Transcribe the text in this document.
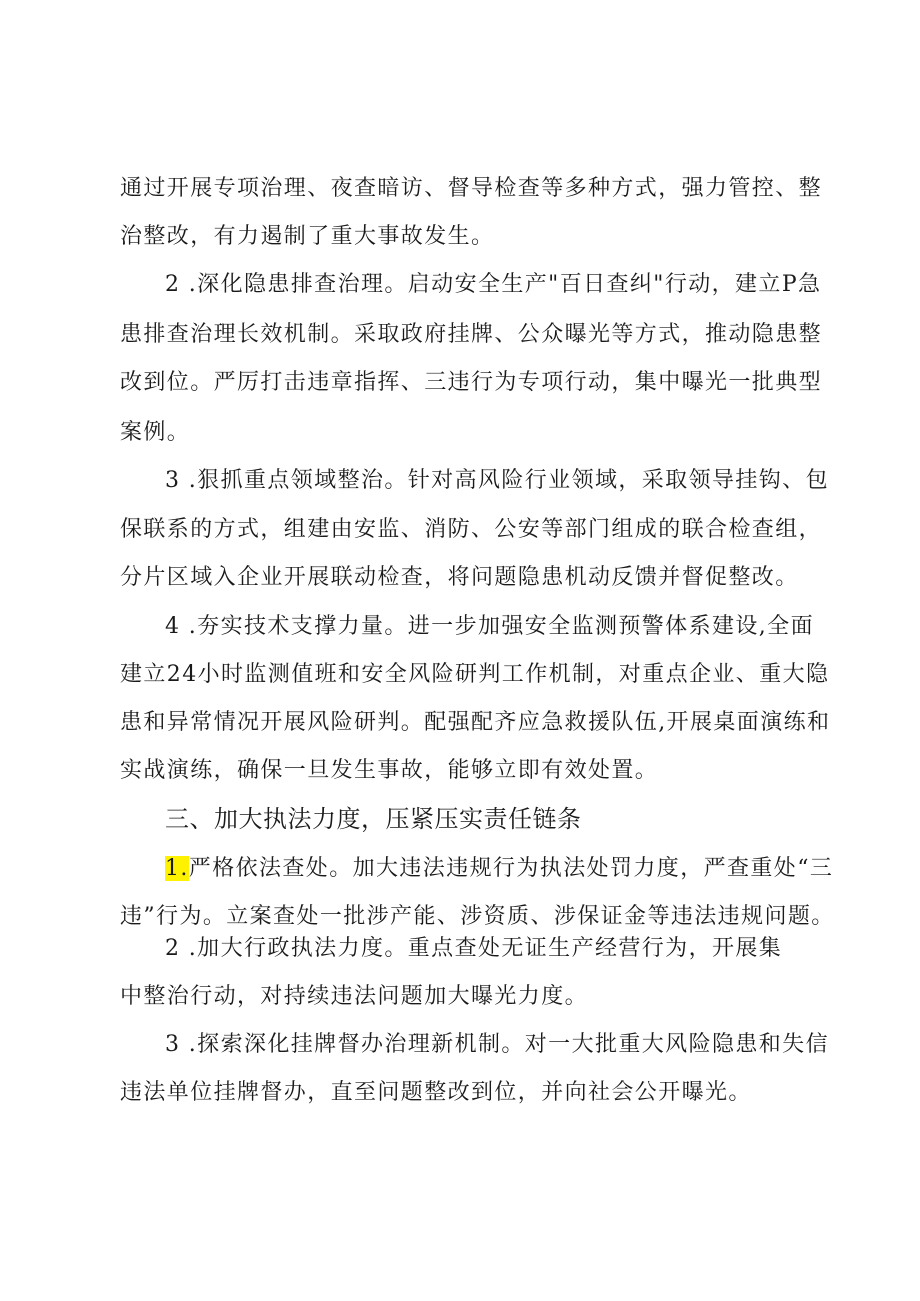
通过开展专项治理、夜查暗访、督导检查等多种方式，强力管控、整
治整改，有力遏制了重大事故发生。
2 .深化隐患排查治理。启动安全生产"百日查纠"行动，建立P急
患排查治理长效机制。采取政府挂牌、公众曝光等方式，推动隐患整
改到位。严厉打击违章指挥、三违行为专项行动，集中曝光一批典型
案例。
3 .狠抓重点领域整治。针对高风险行业领域，采取领导挂钩、包
保联系的方式，组建由安监、消防、公安等部门组成的联合检查组，
分片区域入企业开展联动检查，将问题隐患机动反馈并督促整改。
4 .夯实技术支撑力量。进一步加强安全监测预警体系建设,全面
建立24小时监测值班和安全风险研判工作机制，对重点企业、重大隐
患和异常情况开展风险研判。配强配齐应急救援队伍,开展桌面演练和
实战演练，确保一旦发生事故，能够立即有效处置。
三、加大执法力度，压紧压实责任链条
1.严格依法查处。加大违法违规行为执法处罚力度，严查重处“三
违”行为。立案查处一批涉产能、涉资质、涉保证金等违法违规问题。
2 .加大行政执法力度。重点查处无证生产经营行为，开展集
中整治行动，对持续违法问题加大曝光力度。
3 .探索深化挂牌督办治理新机制。对一大批重大风险隐患和失信
违法单位挂牌督办，直至问题整改到位，并向社会公开曝光。
